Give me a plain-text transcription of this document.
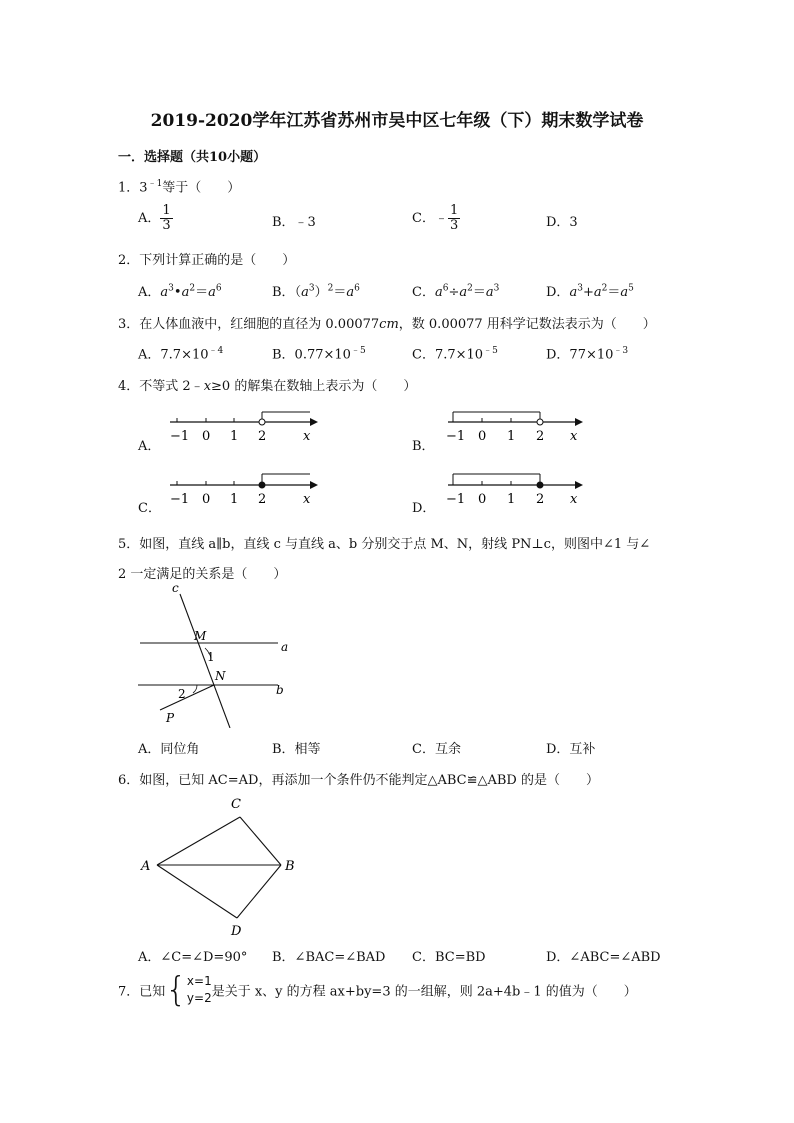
2019-2020学年江苏省苏州市吴中区七年级（下）期末数学试卷
一．选择题（共10小题）
1．$3^{﹣1}$等于（　　）
A． $\frac{1}{3}$	B．﹣3	C．﹣ $\frac{1}{3}$	D．3
2．下列计算正确的是（　　）
A．$a^3•a^2=a^6$	B．$(a^3)^2=a^6$	C．$a^6\div a^2=a^3$	D．$a^3+a^2=a^5$
3．在人体血液中，红细胞的直径为 0.00077cm，数 0.00077 用科学记数法表示为（　　）
A．$7.7\times 10^{﹣4}$	B．$0.77\times 10^{﹣5}$	C．$7.7\times 10^{﹣5}$	D．$77\times 10^{﹣3}$
4．不等式 2﹣x≥0 的解集在数轴上表示为（　　）
A．	B．
C．	D．
−1 0 1 2	x	−1 0 1 2 x
−1 0 1 2	x	−1 0 1 2 x
5．如图，直线 a∥b，直线 c 与直线 a、b 分别交于点 M、N，射线 PN⊥c，则图中∠1 与∠
2 一定满足的关系是（　　）
c
M
1
a
N
2	b
P
A．同位角	B．相等	C．互余	D．互补
6．如图，已知 AC=AD，再添加一个条件仍不能判定△ABC≌△ABD 的是（　　）
C
A	B
D
A．∠C=∠D=90° B．∠BAC=∠BAD C．BC=BD	D．∠ABC=∠ABD
7．已知{ x=1
y=2 是关于 x、y 的方程 ax+by=3 的一组解，则 2a+4b﹣1 的值为（　　）
